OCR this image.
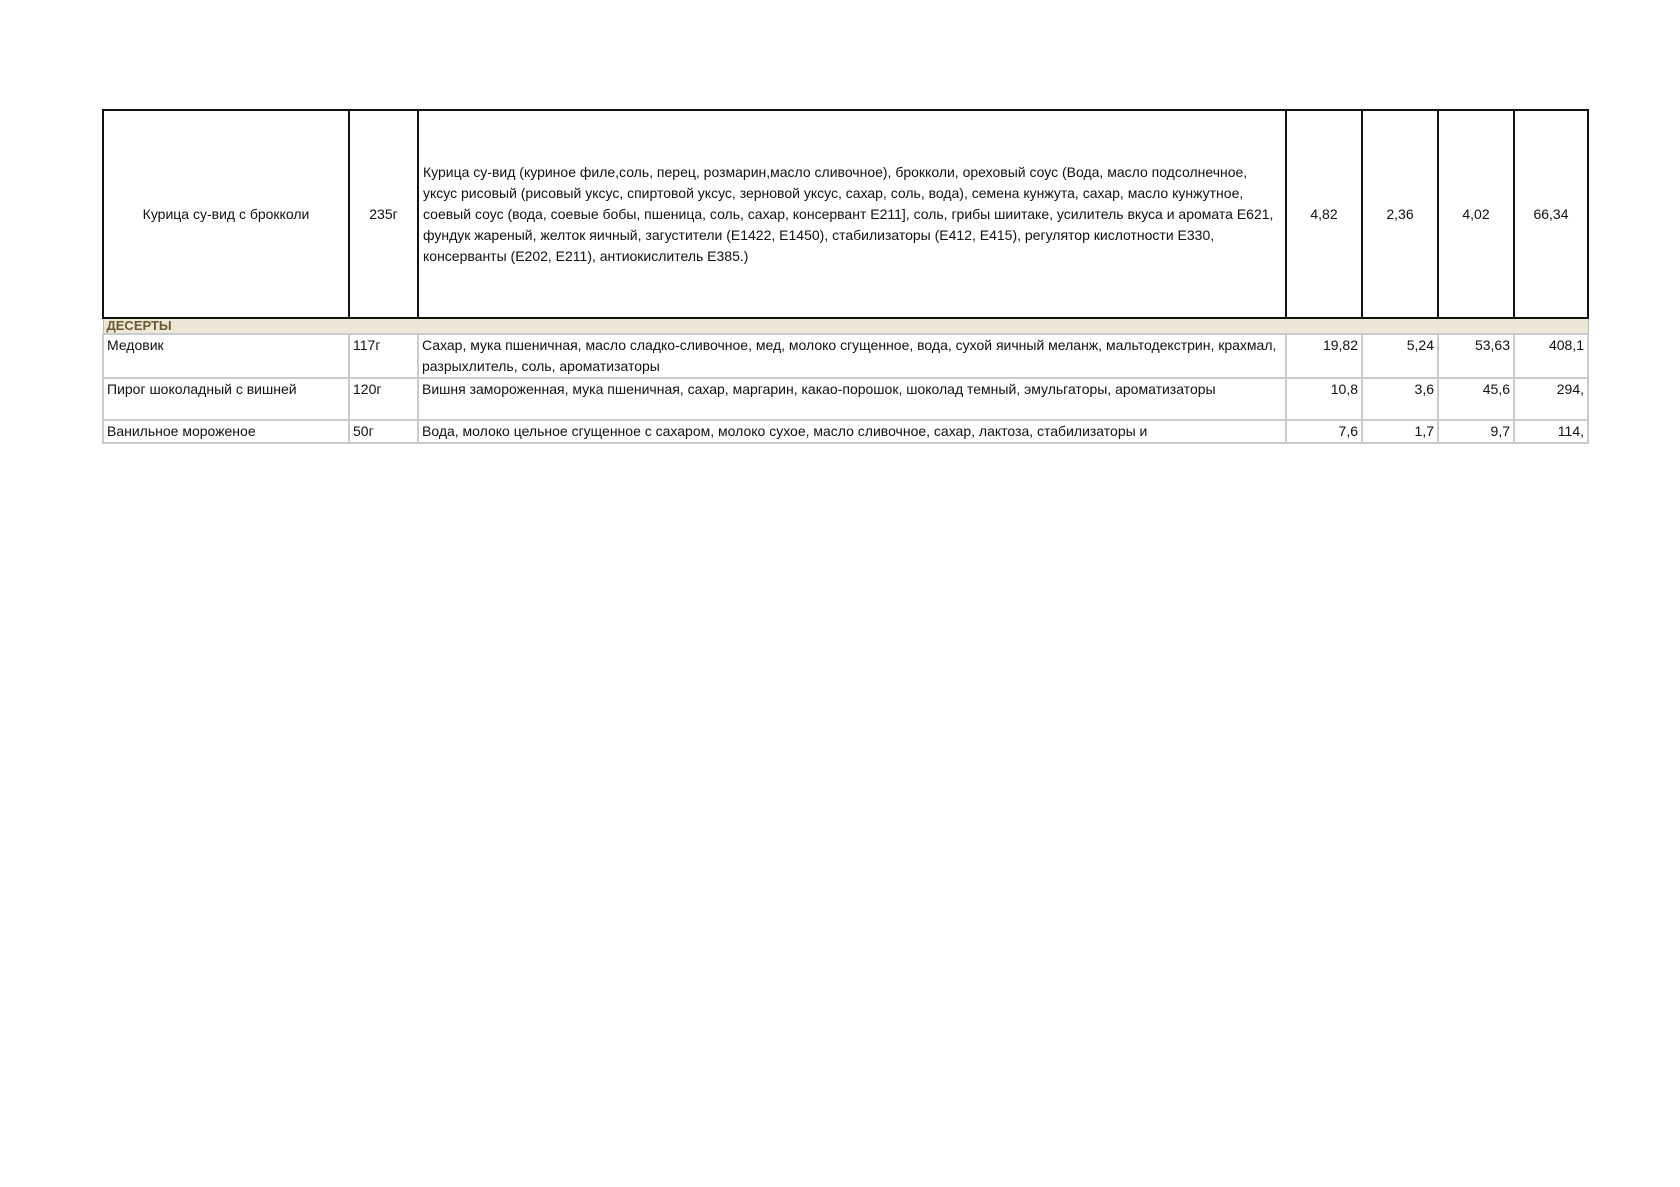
Курица су-вид с брокколи	235г	Курица су-вид (куриное филе,соль, перец, розмарин,масло сливочное), брокколи, ореховый соус (Вода, масло подсолнечное, уксус рисовый (рисовый уксус, спиртовой уксус, зерновой уксус, сахар, соль, вода), семена кунжута, сахар, масло кунжутное, соевый соус (вода, соевые бобы, пшеница, соль, сахар, консервант E211], соль, грибы шиитаке, усилитель вкуса и аромата Е621, фундук жареный, желток яичный, загустители (Е1422, Е1450), стабилизаторы (Е412, Е415), регулятор кислотности Е330, консерванты (Е202, Е211), антиокислитель Е385.)	4,82	2,36	4,02	66,34
ДЕСЕРТЫ						
Медовик	117г	Сахар, мука пшеничная, масло сладко-сливочное, мед, молоко сгущенное, вода, сухой яичный меланж, мальтодекстрин, крахмал, разрыхлитель, соль, ароматизаторы	19,82	5,24	53,63	408,1
Пирог шоколадный с вишней	120г	Вишня замороженная, мука пшеничная, сахар, маргарин, какао-порошок, шоколад темный, эмульгаторы, ароматизаторы	10,8	3,6	45,6	294,
Ванильное мороженое	50г	Вода, молоко цельное сгущенное с сахаром, молоко сухое, масло сливочное, сахар, лактоза, стабилизаторы и	7,6	1,7	9,7	114,
